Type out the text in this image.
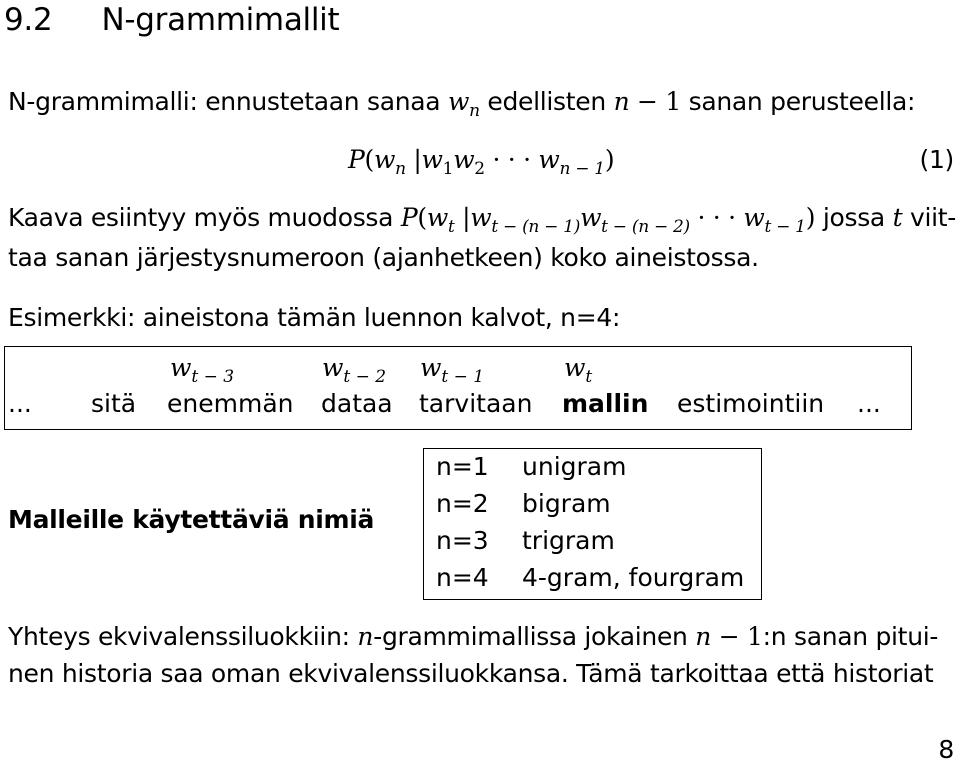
9.2 N-grammimallit
N-grammimalli: ennustetaan sanaa $w_n$ edellisten n − 1 sanan perusteella:
$P(w_n$ $|w_1w_2$ · · · $w_{n - 1}$)	(1)
Kaava esiintyy myös muodossa $P(w_t$ $|w_{t - (n - 1)}w_{t - (n - 2)}$ · · · $w_{t - 1}$) jossa t viit-
taa sanan järjestysnumeroon (ajanhetkeen) koko aineistossa.
Esimerkki: aineistona tämän luennon kalvot, n=4:
$w_{t - 3}$	$w_{t - 2}$ $w_{t - 1}$	$w_t$
... sitä enemmän dataa tarvitaan mallin estimointiin ...
Malleille käytettäviä nimiä
n=1 unigram
n=2 bigram
n=3 trigram
n=4 4-gram, fourgram
Yhteys ekvivalenssiluokkiin: n-grammimallissa jokainen n − 1:n sanan pitui-
nen historia saa oman ekvivalenssiluokkansa. Tämä tarkoittaa että historiat
8
